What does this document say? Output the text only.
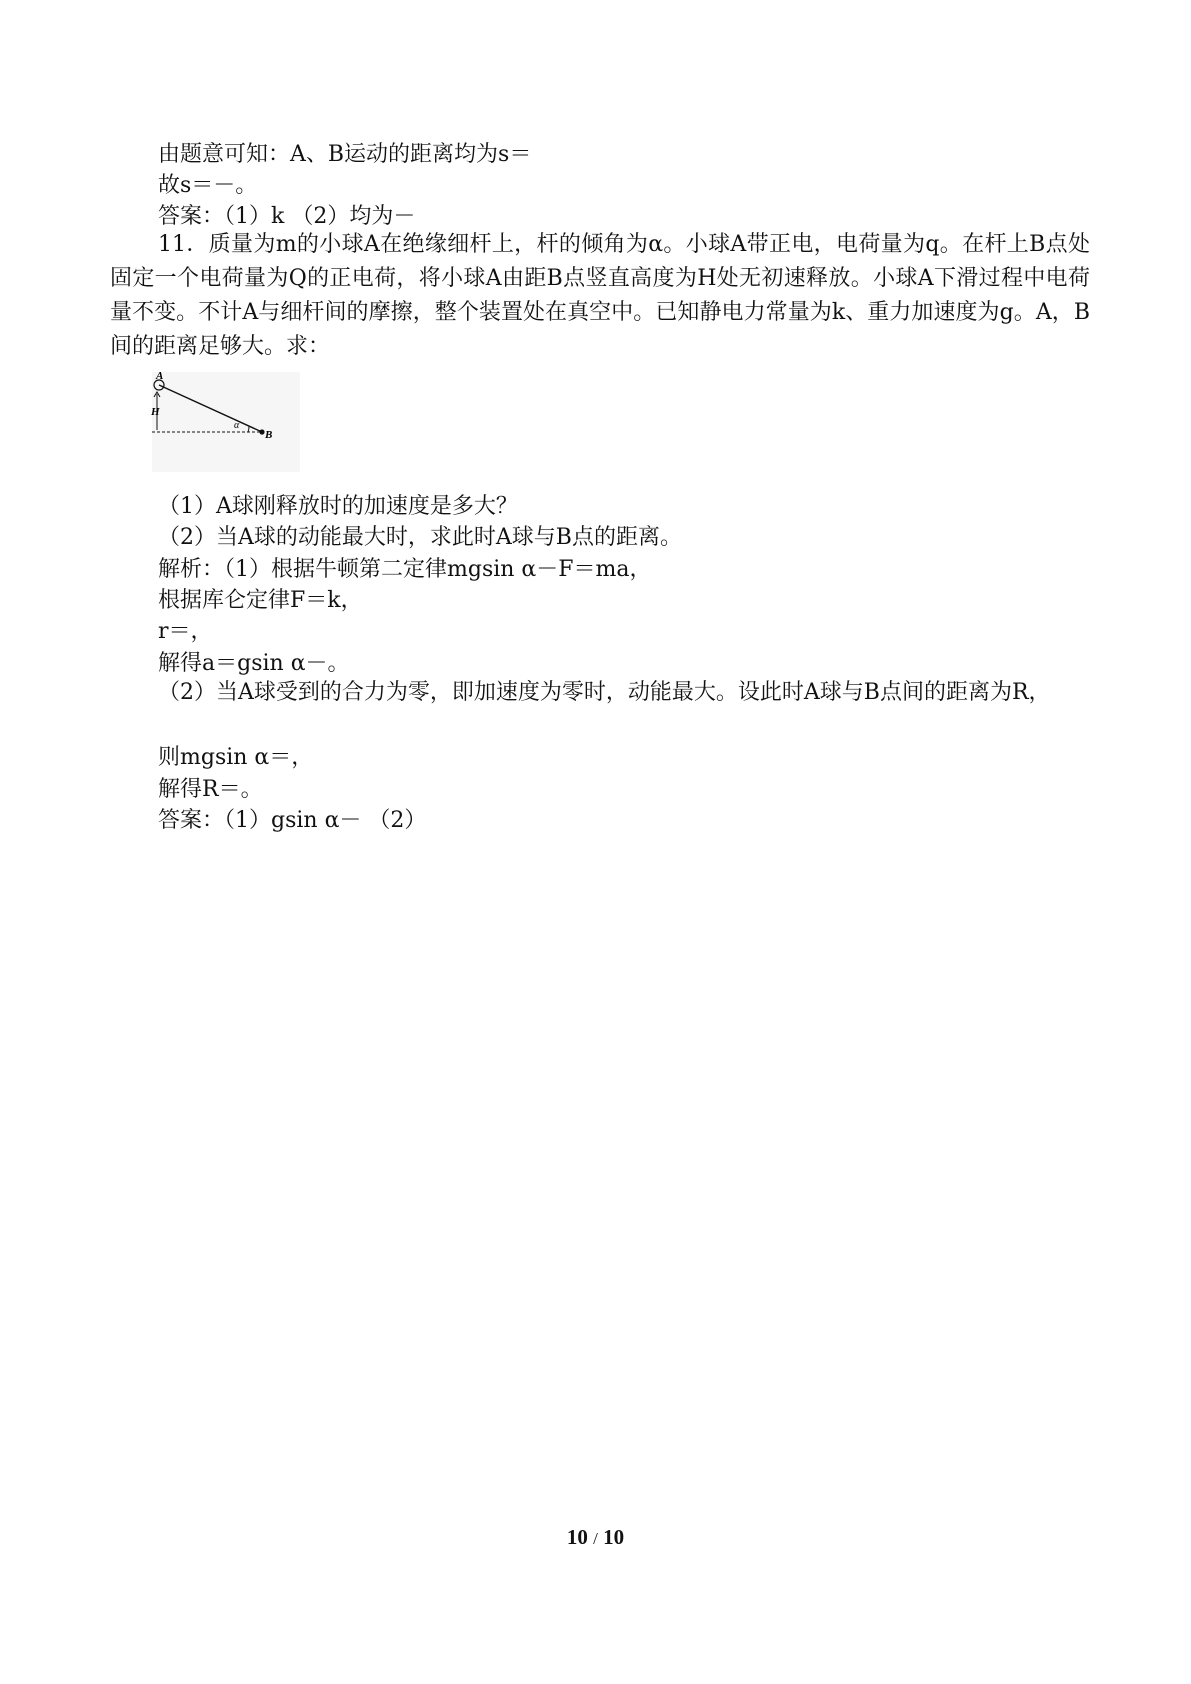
由题意可知：A、B运动的距离均为s＝
故s＝－。
答案：（1）k （2）均为－
11．质量为m的小球A在绝缘细杆上，杆的倾角为α。小球A带正电，电荷量为q。在杆上B点处固定一个电荷量为Q的正电荷，将小球A由距B点竖直高度为H处无初速释放。小球A下滑过程中电荷量不变。不计A与细杆间的摩擦，整个装置处在真空中。已知静电力常量为k、重力加速度为g。A，B间的距离足够大。求：
A
B
H
α
（1）A球刚释放时的加速度是多大？
（2）当A球的动能最大时，求此时A球与B点的距离。
解析：（1）根据牛顿第二定律mgsin α－F＝ma，
根据库仑定律F＝k，
r＝，
解得a＝gsin α－。
（2）当A球受到的合力为零，即加速度为零时，动能最大。设此时A球与B点间的距离为R，
则mgsin α＝，
解得R＝。
答案：（1）gsin α－ （2）
10 / 10
